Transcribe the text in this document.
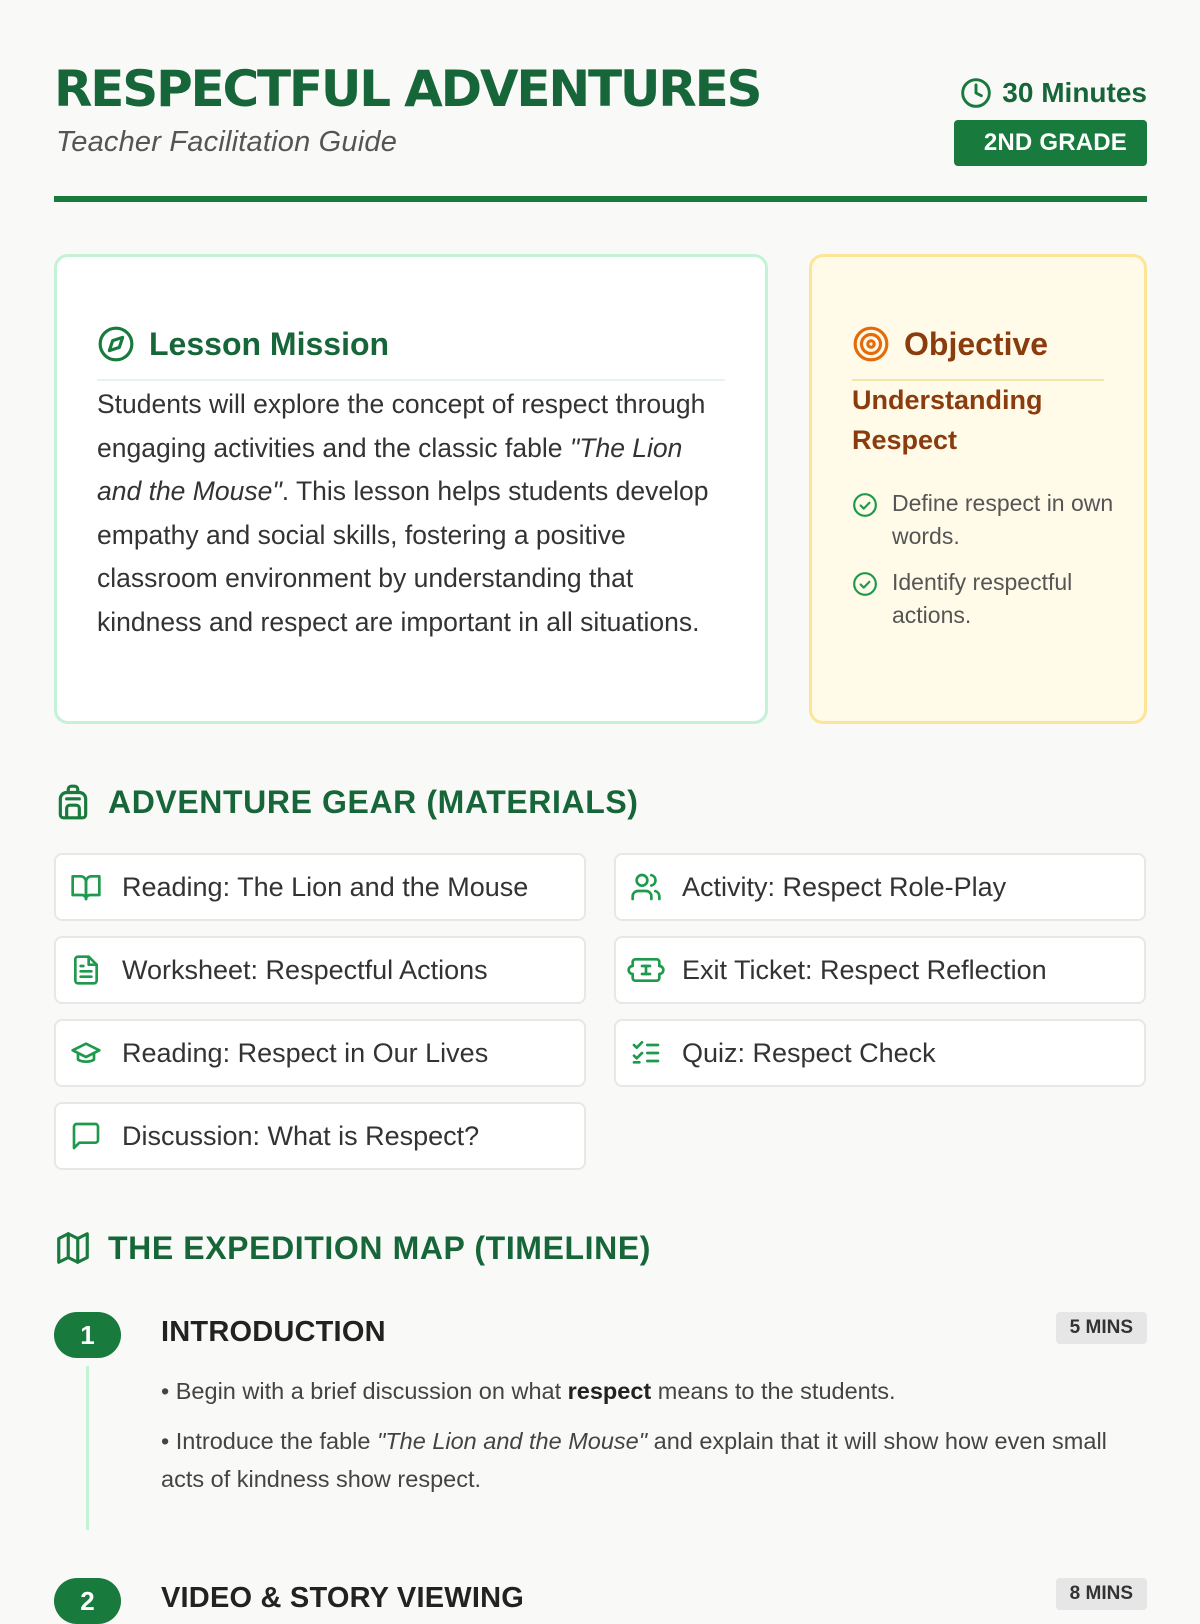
RESPECTFUL ADVENTURES
Teacher Facilitation Guide
30 Minutes
2ND GRADE
Lesson Mission

Students will explore the concept of respect through engaging activities and the classic fable "The Lion and the Mouse". This lesson helps students develop empathy and social skills, fostering a positive classroom environment by understanding that kindness and respect are important in all situations.

Objective
Understanding Respect
Define respect in own words.
Identify respectful actions.
ADVENTURE GEAR (MATERIALS)
Reading: The Lion and the Mouse	Activity: Respect Role-Play
Worksheet: Respectful Actions	Exit Ticket: Respect Reflection
Reading: Respect in Our Lives	Quiz: Respect Check
Discussion: What is Respect?
THE EXPEDITION MAP (TIMELINE)
1	INTRODUCTION	5 MINS
• Begin with a brief discussion on what respect means to the students.
• Introduce the fable "The Lion and the Mouse" and explain that it will show how even small acts of kindness show respect.
2	VIDEO & STORY VIEWING	8 MINS
